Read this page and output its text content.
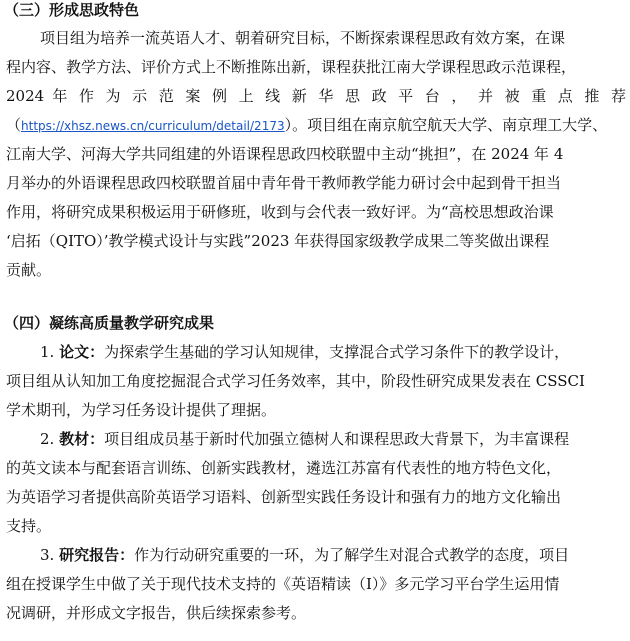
（三）形成思政特色
项目组为培养一流英语人才、朝着研究目标，不断探索课程思政有效方案，在课
程内容、教学方法、评价方式上不断推陈出新，课程获批江南大学课程思政示范课程，
2024 年 作 为 示 范 案 例 上 线 新 华 思 政 平 台 ， 并 被 重 点 推 荐
（https://xhsz.news.cn/curriculum/detail/2173）。项目组在南京航空航天大学、南京理工大学、
江南大学、河海大学共同组建的外语课程思政四校联盟中主动“挑担”，在 2024 年 4
月举办的外语课程思政四校联盟首届中青年骨干教师教学能力研讨会中起到骨干担当
作用，将研究成果积极运用于研修班，收到与会代表一致好评。为“高校思想政治课
‘启拓（QITO）’教学模式设计与实践”2023 年获得国家级教学成果二等奖做出课程
贡献。
（四）凝练高质量教学研究成果
1. 论文：为探索学生基础的学习认知规律，支撑混合式学习条件下的教学设计，
项目组从认知加工角度挖掘混合式学习任务效率，其中，阶段性研究成果发表在 CSSCI
学术期刊，为学习任务设计提供了理据。
2. 教材：项目组成员基于新时代加强立德树人和课程思政大背景下，为丰富课程
的英文读本与配套语言训练、创新实践教材，遴选江苏富有代表性的地方特色文化，
为英语学习者提供高阶英语学习语料、创新型实践任务设计和强有力的地方文化输出
支持。
3. 研究报告：作为行动研究重要的一环，为了解学生对混合式教学的态度，项目
组在授课学生中做了关于现代技术支持的《英语精读（I）》多元学习平台学生运用情
况调研，并形成文字报告，供后续探索参考。
